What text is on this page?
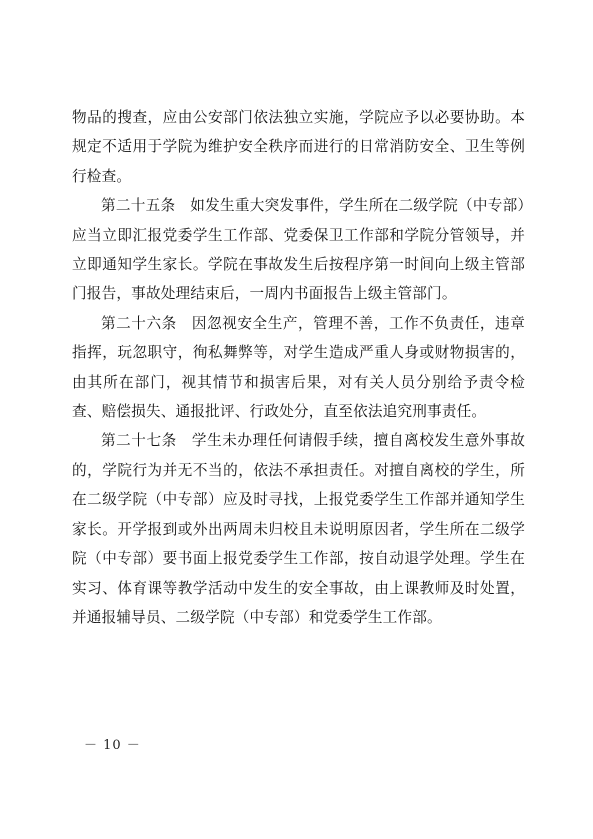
物品的搜查，应由公安部门依法独立实施，学院应予以必要协助。本规定不适用于学院为维护安全秩序而进行的日常消防安全、卫生等例行检查。

第二十五条　如发生重大突发事件，学生所在二级学院（中专部）应当立即汇报党委学生工作部、党委保卫工作部和学院分管领导，并立即通知学生家长。学院在事故发生后按程序第一时间向上级主管部门报告，事故处理结束后，一周内书面报告上级主管部门。

第二十六条　因忽视安全生产，管理不善，工作不负责任，违章指挥，玩忽职守，徇私舞弊等，对学生造成严重人身或财物损害的，由其所在部门，视其情节和损害后果，对有关人员分别给予责令检查、赔偿损失、通报批评、行政处分，直至依法追究刑事责任。

第二十七条　学生未办理任何请假手续，擅自离校发生意外事故的，学院行为并无不当的，依法不承担责任。对擅自离校的学生，所在二级学院（中专部）应及时寻找，上报党委学生工作部并通知学生家长。开学报到或外出两周未归校且未说明原因者，学生所在二级学院（中专部）要书面上报党委学生工作部，按自动退学处理。学生在实习、体育课等教学活动中发生的安全事故，由上课教师及时处置，并通报辅导员、二级学院（中专部）和党委学生工作部。

－ 10 －
